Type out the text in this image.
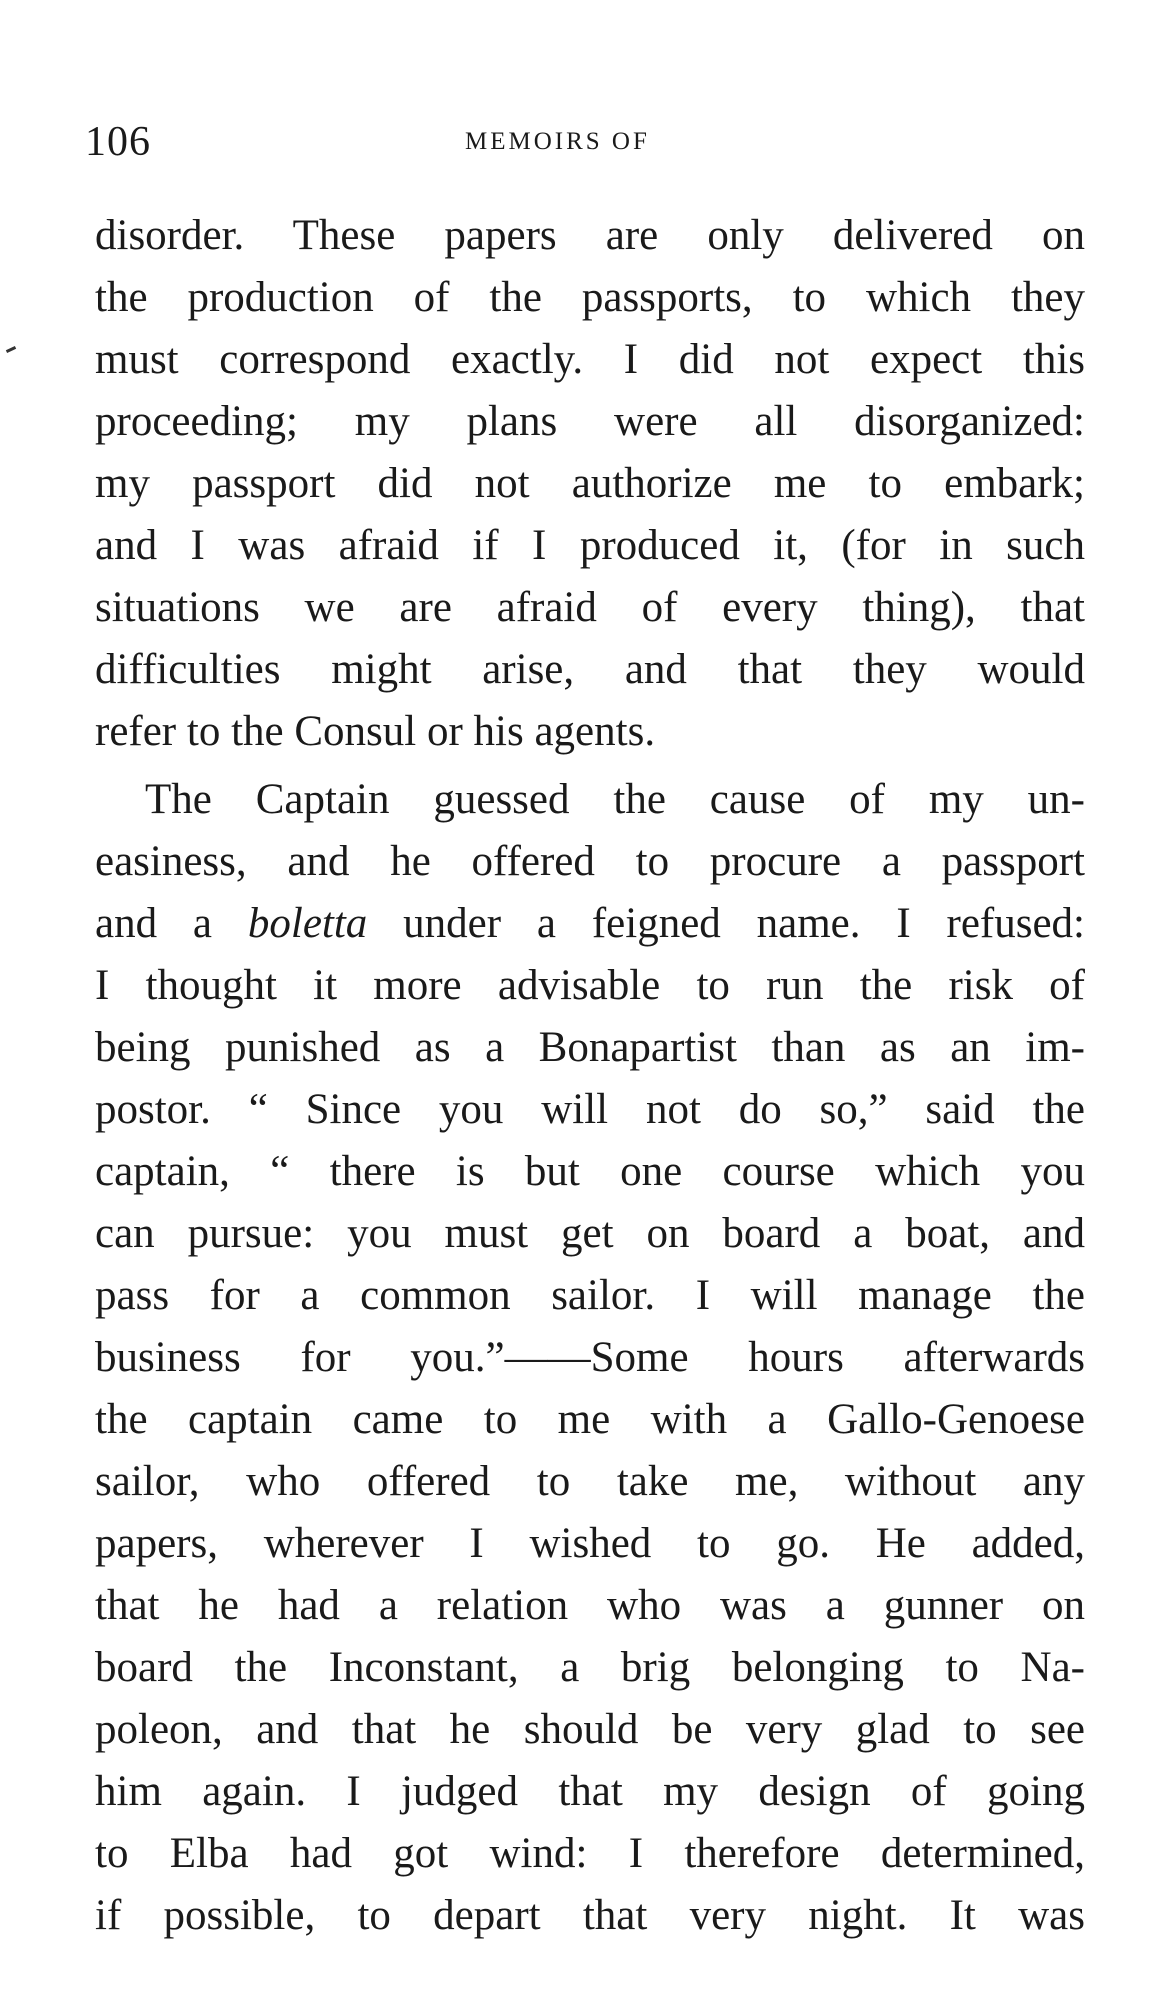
106	MEMOIRS OF
disorder. These papers are only delivered on
the production of the passports, to which they
must correspond exactly. I did not expect this
proceeding; my plans were all disorganized:
my passport did not authorize me to embark;
and I was afraid if I produced it, (for in such
situations we are afraid of every thing), that
difficulties might arise, and that they would
refer to the Consul or his agents.
The Captain guessed the cause of my un-
easiness, and he offered to procure a passport
and a boletta under a feigned name. I refused:
I thought it more advisable to run the risk of
being punished as a Bonapartist than as an im-
postor. “ Since you will not do so,” said the
captain, “ there is but one course which you
can pursue: you must get on board a boat, and
pass for a common sailor. I will manage the
business for you.”——Some hours afterwards
the captain came to me with a Gallo-Genoese
sailor, who offered to take me, without any
papers, wherever I wished to go. He added,
that he had a relation who was a gunner on
board the Inconstant, a brig belonging to Na-
poleon, and that he should be very glad to see
him again. I judged that my design of going
to Elba had got wind: I therefore determined,
if possible, to depart that very night. It was
